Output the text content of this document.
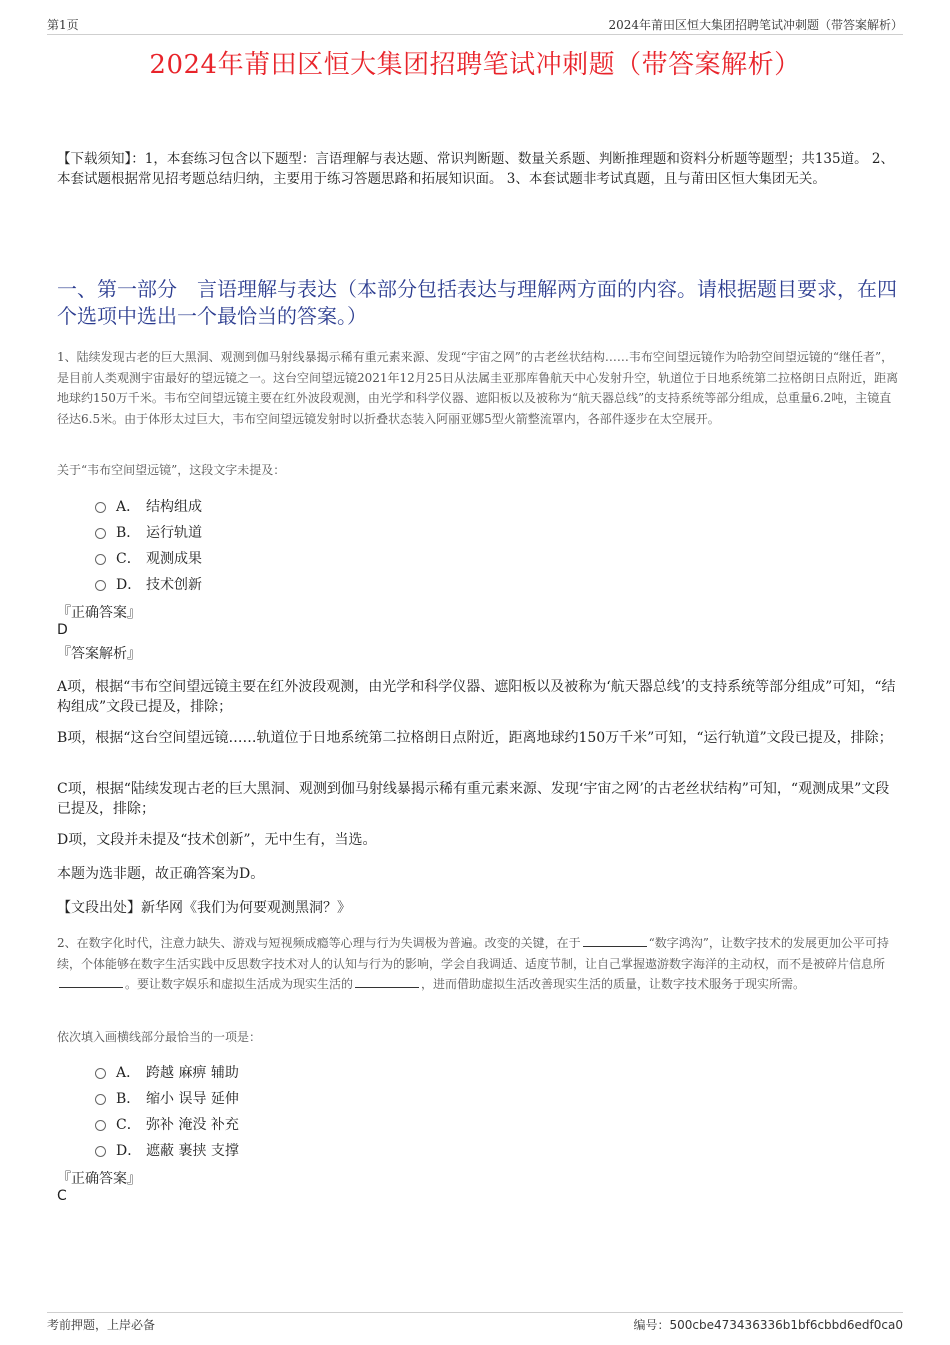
第1页	2024年莆田区恒大集团招聘笔试冲刺题（带答案解析）
2024年莆田区恒大集团招聘笔试冲刺题（带答案解析）
【下载须知】：1，本套练习包含以下题型：言语理解与表达题、常识判断题、数量关系题、判断推理题和资料分析题等题型；共135道。 2、本套试题根据常见招考题总结归纳，主要用于练习答题思路和拓展知识面。 3、本套试题非考试真题，且与莆田区恒大集团无关。
一、第一部分　言语理解与表达（本部分包括表达与理解两方面的内容。请根据题目要求，在四个选项中选出一个最恰当的答案。）
1、陆续发现古老的巨大黑洞、观测到伽马射线暴揭示稀有重元素来源、发现“宇宙之网”的古老丝状结构……韦布空间望远镜作为哈勃空间望远镜的“继任者”，是目前人类观测宇宙最好的望远镜之一。这台空间望远镜2021年12月25日从法属圭亚那库鲁航天中心发射升空，轨道位于日地系统第二拉格朗日点附近，距离地球约150万千米。韦布空间望远镜主要在红外波段观测，由光学和科学仪器、遮阳板以及被称为“航天器总线”的支持系统等部分组成，总重量6.2吨，主镜直径达6.5米。由于体形太过巨大，韦布空间望远镜发射时以折叠状态装入阿丽亚娜5型火箭整流罩内，各部件逐步在太空展开。
关于“韦布空间望远镜”，这段文字未提及：
A． 结构组成
B． 运行轨道
C． 观测成果
D． 技术创新
『正确答案』
D
『答案解析』
A项，根据“韦布空间望远镜主要在红外波段观测，由光学和科学仪器、遮阳板以及被称为‘航天器总线’的支持系统等部分组成”可知，“结构组成”文段已提及，排除；
B项，根据“这台空间望远镜……轨道位于日地系统第二拉格朗日点附近，距离地球约150万千米”可知，“运行轨道”文段已提及，排除；
C项，根据“陆续发现古老的巨大黑洞、观测到伽马射线暴揭示稀有重元素来源、发现‘宇宙之网’的古老丝状结构”可知，“观测成果”文段已提及，排除；
D项，文段并未提及“技术创新”，无中生有，当选。
本题为选非题，故正确答案为D。
【文段出处】新华网《我们为何要观测黑洞？》
2、在数字化时代，注意力缺失、游戏与短视频成瘾等心理与行为失调极为普遍。改变的关键，在于	“数字鸿沟”，让数字技术的发展更加公平可持续，个体能够在数字生活实践中反思数字技术对人的认知与行为的影响，学会自我调适、适度节制，让自己掌握遨游数字海洋的主动权，而不是被碎片信息所。要让数字娱乐和虚拟生活成为现实生活的	，进而借助虚拟生活改善现实生活的质量，让数字技术服务于现实所需。
依次填入画横线部分最恰当的一项是：
A． 跨越 麻痹 辅助
B． 缩小 误导 延伸
C． 弥补 淹没 补充
D． 遮蔽 裹挟 支撑
『正确答案』
C
考前押题，上岸必备	编号：500cbe473436336b1bf6cbbd6edf0ca0
